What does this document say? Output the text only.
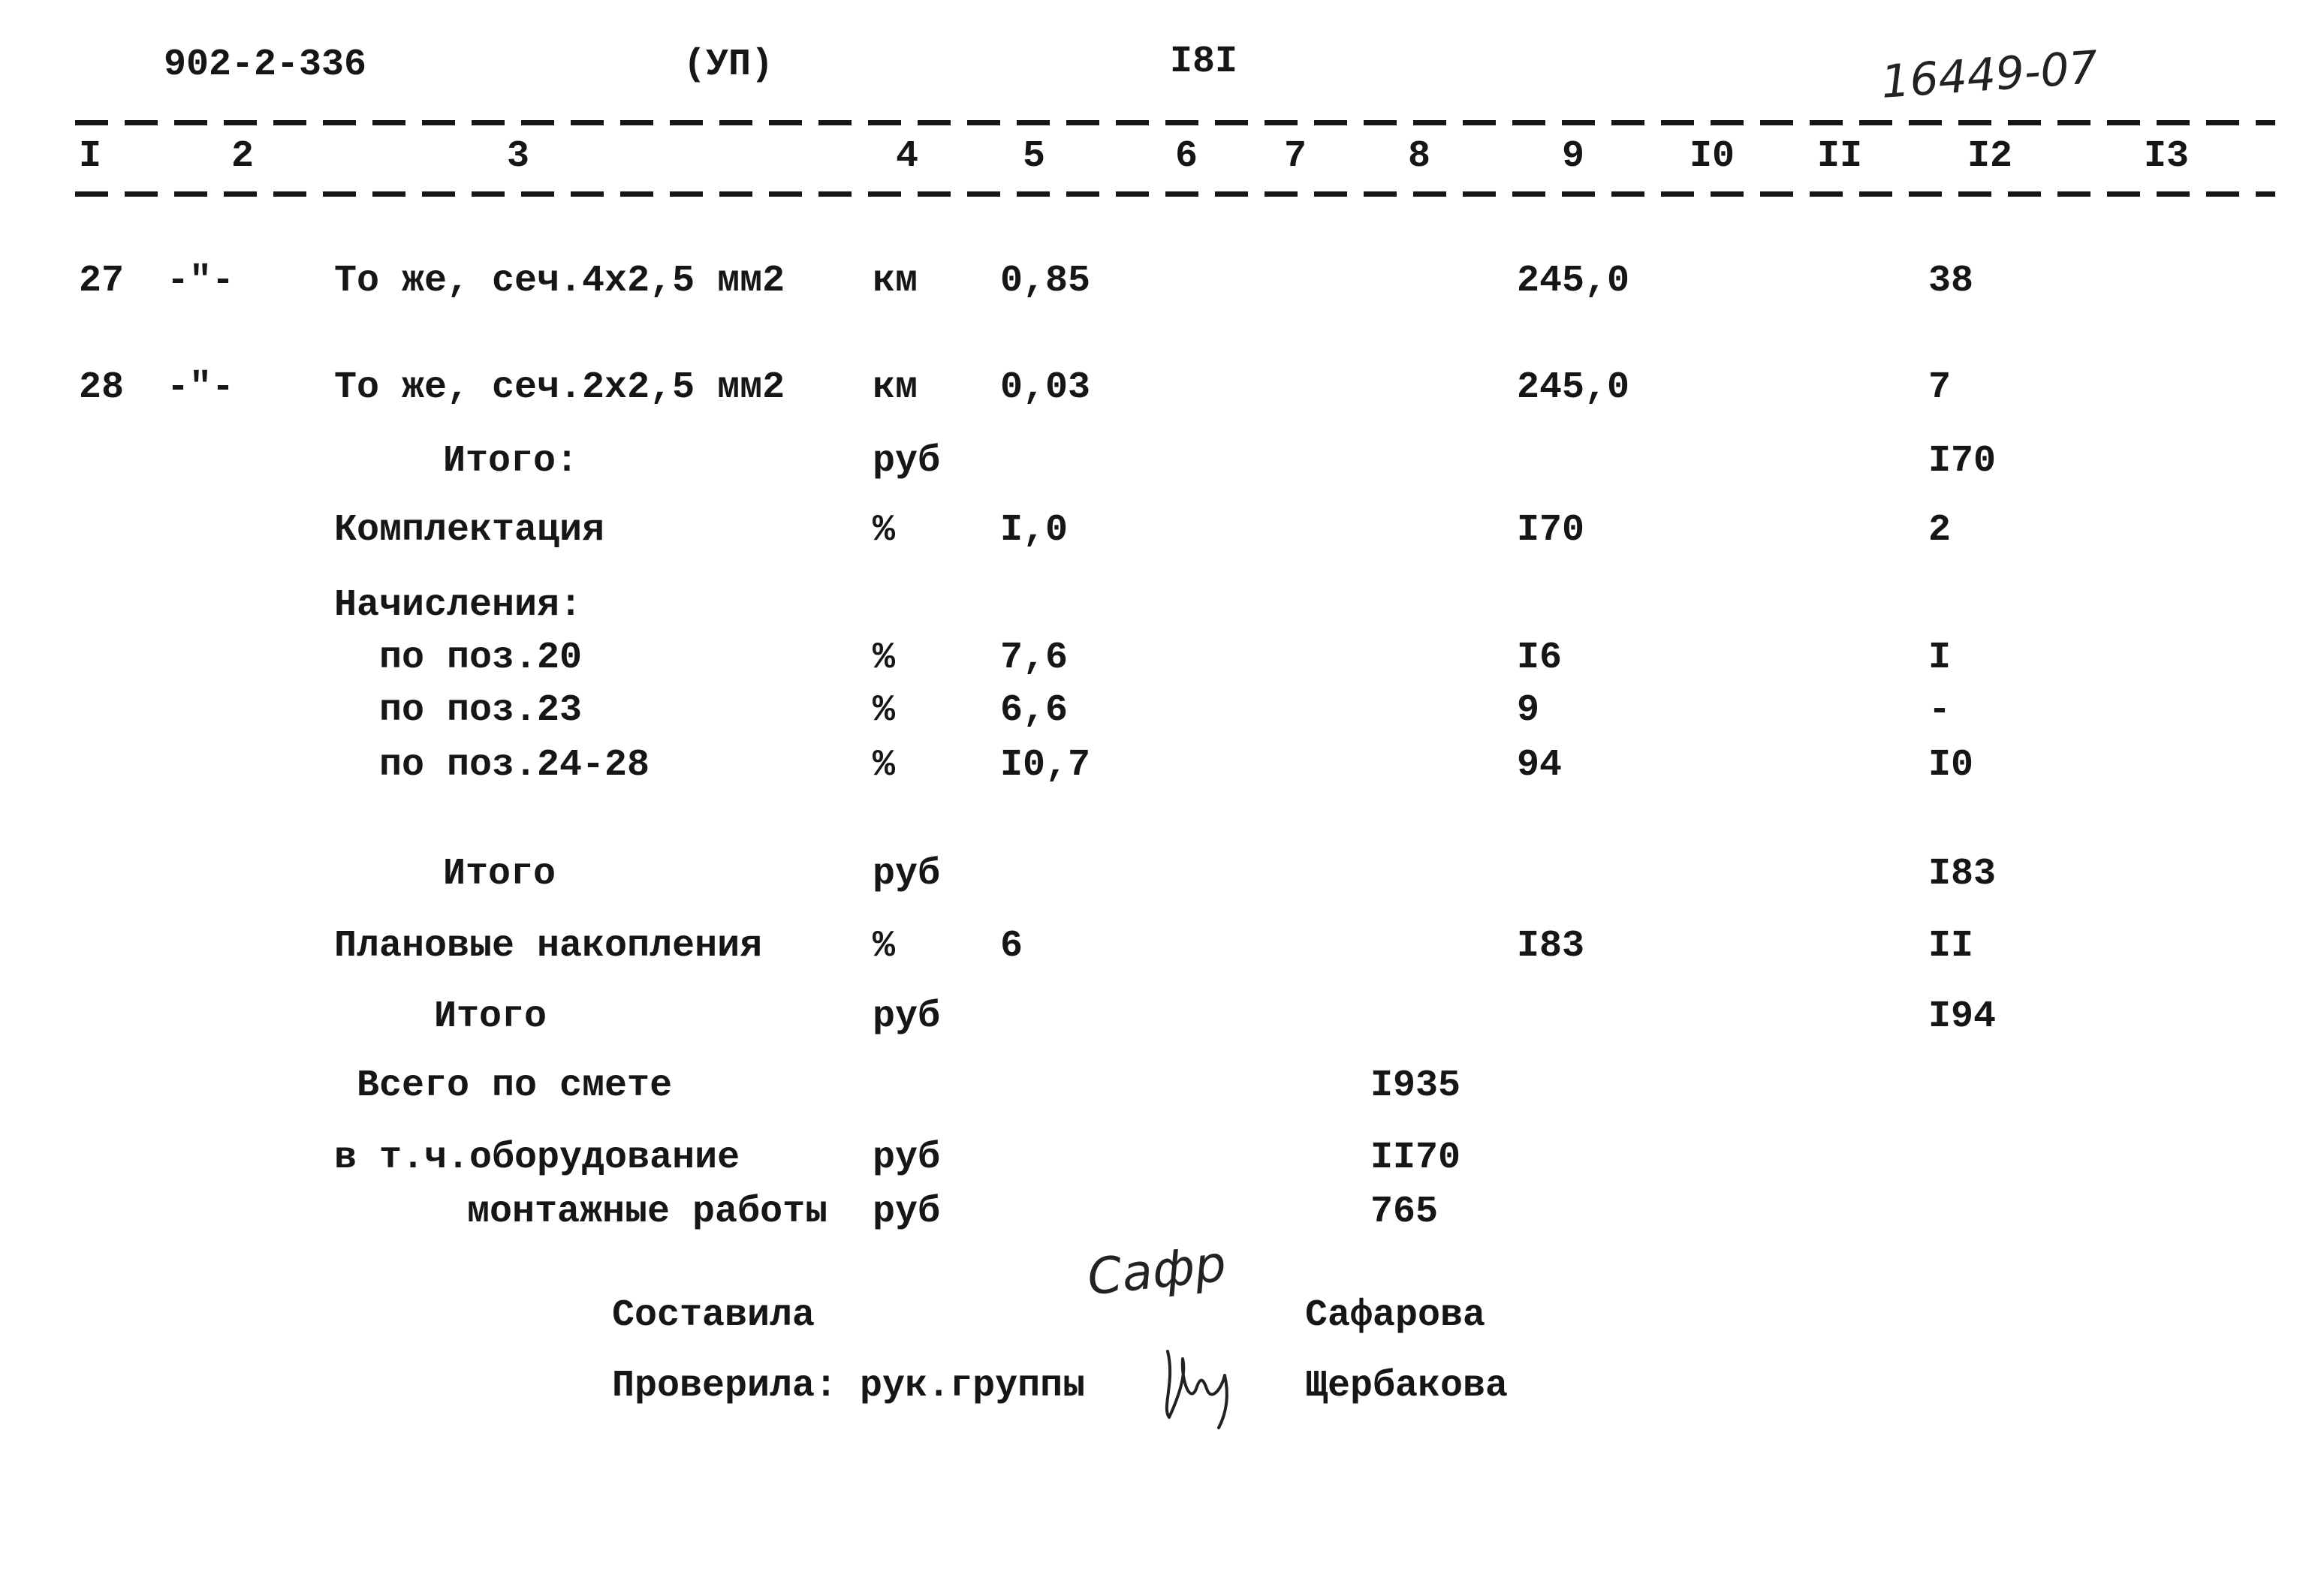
902-2-336	(УП)	I8I	16449-07
I	2	3	4	5	6 7	8	9	I0 II	I2	I3
27 -"-	То же, сеч.4х2,5 мм2 км 0,85	245,0	38
28 -"-	То же, сеч.2х2,5 мм2 км 0,03	245,0	7
Итого:	руб	I70
Комплектация	%	I,0	I70	2
Начисления:
по поз.20	%	7,6	I6	I
по поз.23	%	6,6	9	-
по поз.24-28	%	I0,7	94	I0
Итого	руб	I83
Плановые накопления	%	6	I83	II
Итого	руб	I94
Всего по смете	I935
в т.ч.оборудование	руб	II70
монтажные работы руб	765
Составила
Сафр
Сафарова
Проверила: рук.группы	Щербакова
